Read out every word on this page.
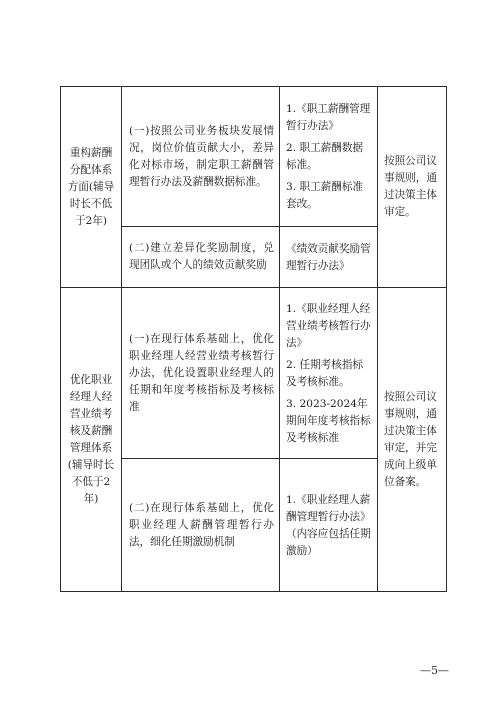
重构薪酬分配体系方面(辅导时长不低于2年)	(一)按照公司业务板块发展情况，岗位价值贡献大小，差异化对标市场，制定职工薪酬管理暂行办法及薪酬数据标准。	1.《职工薪酬管理暂行办法》
2. 职工薪酬数据标准。
3. 职工薪酬标准套改。	按照公司议事规则，通过决策主体审定。
	(二)建立差异化奖励制度，兑现团队或个人的绩效贡献奖励	《绩效贡献奖励管理暂行办法》	

优化职业经理人经营业绩考核及薪酬管理体系(辅导时长不低于2年)	(一)在现行体系基础上，优化职业经理人经营业绩考核暂行办法，优化设置职业经理人的任期和年度考核指标及考核标准	1.《职业经理人经营业绩考核暂行办法》
2. 任期考核指标及考核标准。
3. 2023-2024年期间年度考核指标及考核标准	按照公司议事规则，通过决策主体审定，并完成向上级单位备案。
	(二)在现行体系基础上，优化职业经理人薪酬管理暂行办法，细化任期激励机制	1.《职业经理人薪酬管理暂行办法》（内容应包括任期激励）	
—5—
